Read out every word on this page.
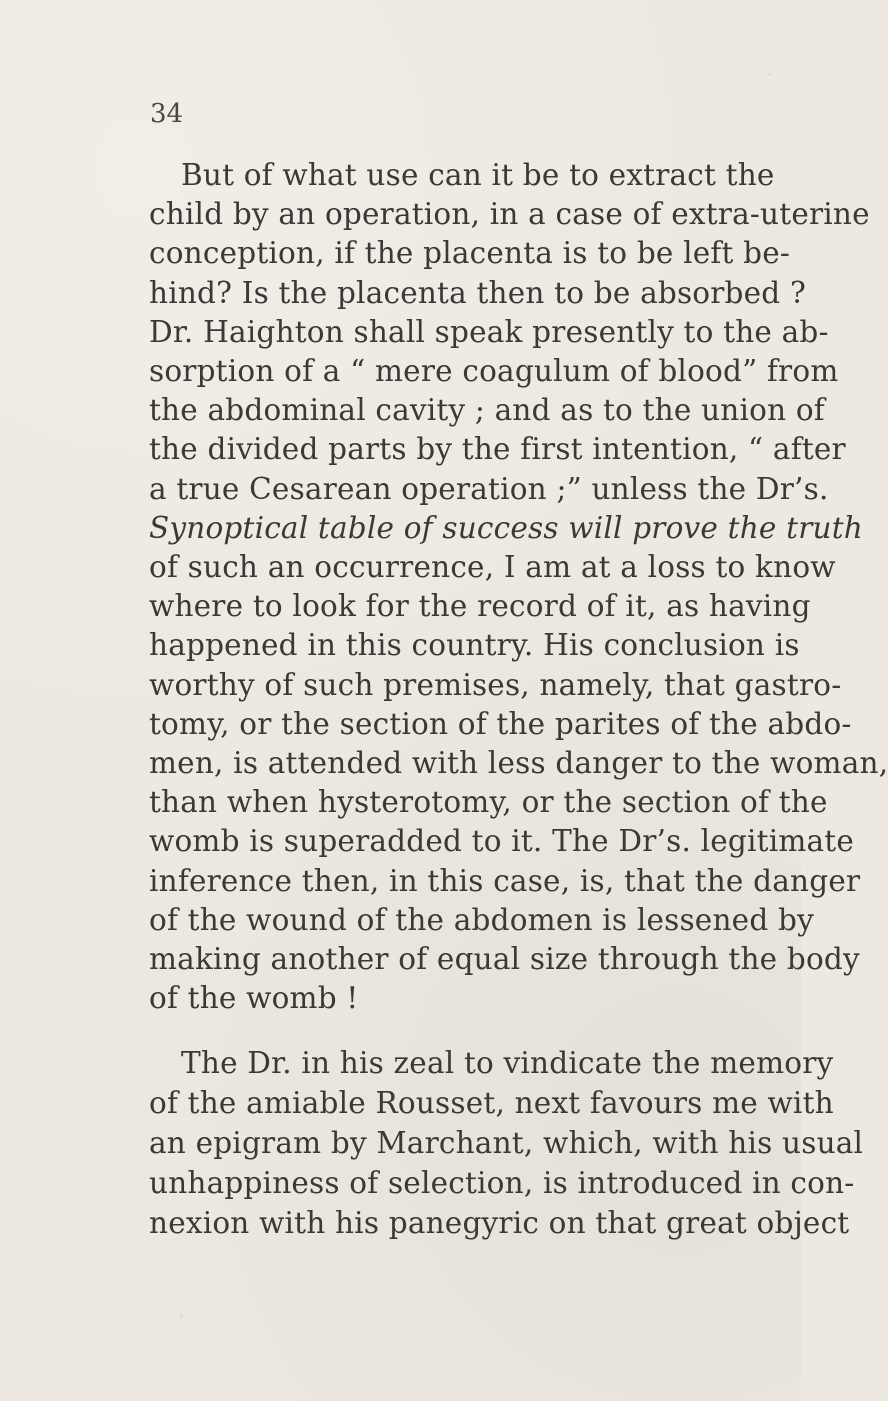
34
But of what use can it be to extract the
child by an operation, in a case of extra-uterine
conception, if the placenta is to be left be-
hind? Is the placenta then to be absorbed ?
Dr. Haighton shall speak presently to the ab-
sorption of a “ mere coagulum of blood” from
the abdominal cavity ; and as to the union of
the divided parts by the first intention, “ after
a true Cesarean operation ;” unless the Dr’s.
Synoptical table of success will prove the truth
of such an occurrence, I am at a loss to know
where to look for the record of it, as having
happened in this country. His conclusion is
worthy of such premises, namely, that gastro-
tomy, or the section of the parites of the abdo-
men, is attended with less danger to the woman,
than when hysterotomy, or the section of the
womb is superadded to it. The Dr’s. legitimate
inference then, in this case, is, that the danger
of the wound of the abdomen is lessened by
making another of equal size through the body
of the womb !
The Dr. in his zeal to vindicate the memory
of the amiable Rousset, next favours me with
an epigram by Marchant, which, with his usual
unhappiness of selection, is introduced in con-
nexion with his panegyric on that great object
